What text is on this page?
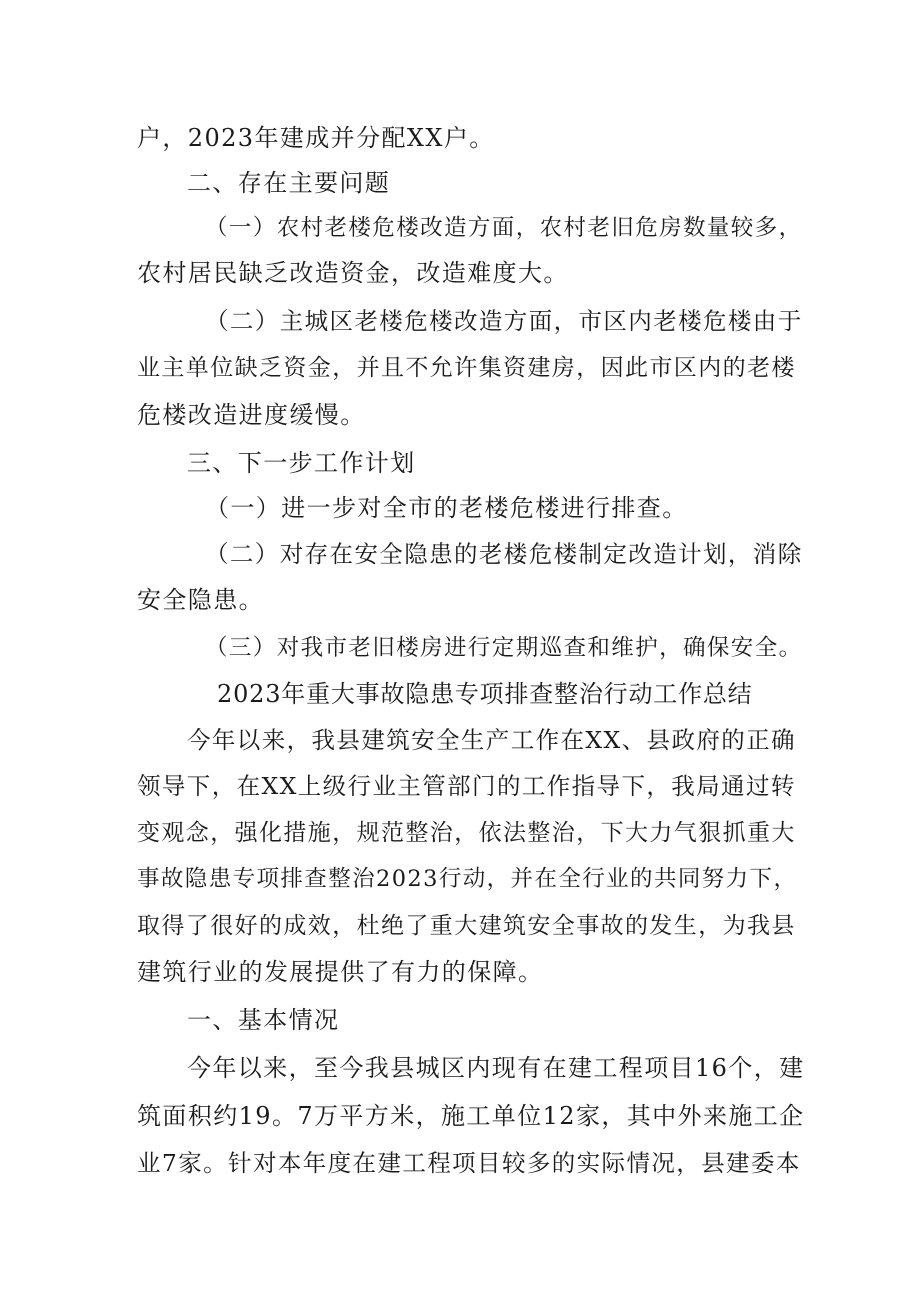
户，2023年建成并分配XX户。
二、存在主要问题
（一）农村老楼危楼改造方面，农村老旧危房数量较多，
农村居民缺乏改造资金，改造难度大。
（二）主城区老楼危楼改造方面，市区内老楼危楼由于
业主单位缺乏资金，并且不允许集资建房，因此市区内的老楼
危楼改造进度缓慢。
三、下一步工作计划
（一）进一步对全市的老楼危楼进行排查。
（二）对存在安全隐患的老楼危楼制定改造计划，消除
安全隐患。
（三）对我市老旧楼房进行定期巡查和维护，确保安全。
2023年重大事故隐患专项排查整治行动工作总结
今年以来，我县建筑安全生产工作在XX、县政府的正确
领导下，在XX上级行业主管部门的工作指导下，我局通过转
变观念，强化措施，规范整治，依法整治，下大力气狠抓重大
事故隐患专项排查整治2023行动，并在全行业的共同努力下，
取得了很好的成效，杜绝了重大建筑安全事故的发生，为我县
建筑行业的发展提供了有力的保障。
一、基本情况
今年以来，至今我县城区内现有在建工程项目16个，建
筑面积约19。7万平方米，施工单位12家，其中外来施工企
业7家。针对本年度在建工程项目较多的实际情况，县建委本
